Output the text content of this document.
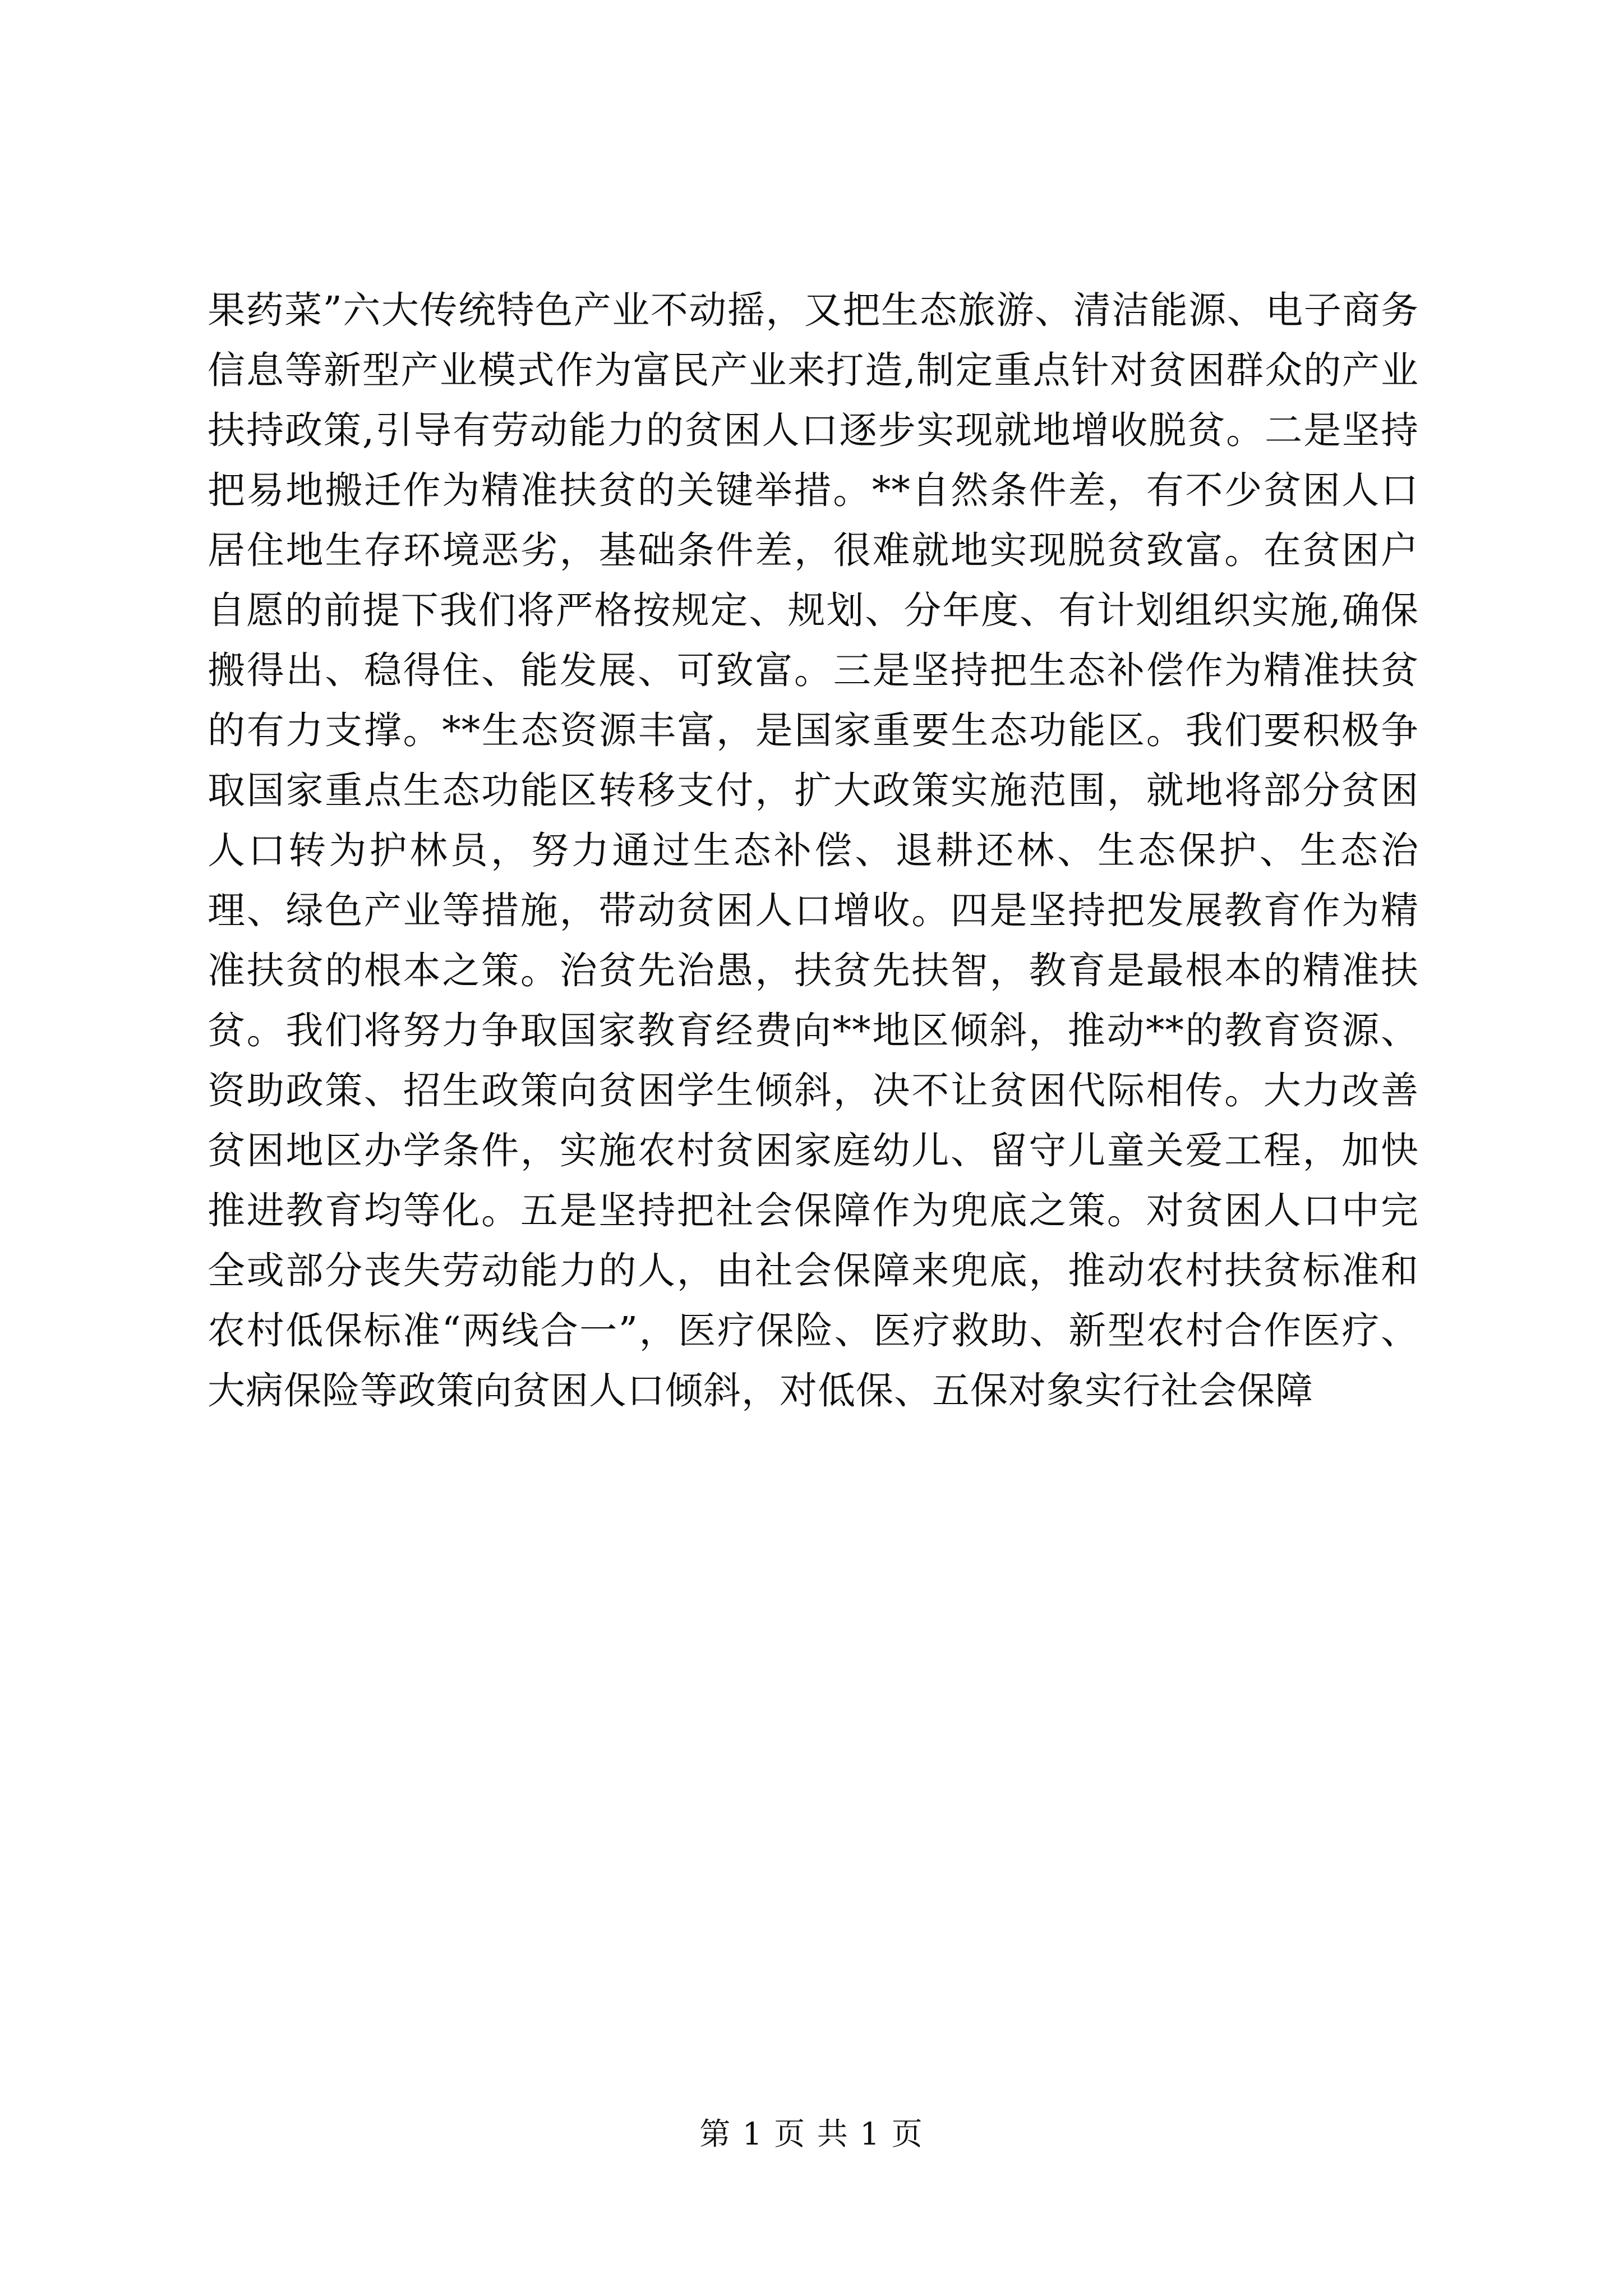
果药菜”六大传统特色产业不动摇，又把生态旅游、清洁能源、电子商务信息等新型产业模式作为富民产业来打造,制定重点针对贫困群众的产业扶持政策,引导有劳动能力的贫困人口逐步实现就地增收脱贫。二是坚持把易地搬迁作为精准扶贫的关键举措。**自然条件差，有不少贫困人口居住地生存环境恶劣，基础条件差，很难就地实现脱贫致富。在贫困户自愿的前提下我们将严格按规定、规划、分年度、有计划组织实施,确保搬得出、稳得住、能发展、可致富。三是坚持把生态补偿作为精准扶贫的有力支撑。**生态资源丰富，是国家重要生态功能区。我们要积极争取国家重点生态功能区转移支付，扩大政策实施范围，就地将部分贫困人口转为护林员，努力通过生态补偿、退耕还林、生态保护、生态治理、绿色产业等措施，带动贫困人口增收。四是坚持把发展教育作为精准扶贫的根本之策。治贫先治愚，扶贫先扶智，教育是最根本的精准扶贫。我们将努力争取国家教育经费向**地区倾斜，推动**的教育资源、资助政策、招生政策向贫困学生倾斜，决不让贫困代际相传。大力改善贫困地区办学条件，实施农村贫困家庭幼儿、留守儿童关爱工程，加快推进教育均等化。五是坚持把社会保障作为兜底之策。对贫困人口中完全或部分丧失劳动能力的人，由社会保障来兜底，推动农村扶贫标准和农村低保标准“两线合一”，医疗保险、医疗救助、新型农村合作医疗、大病保险等政策向贫困人口倾斜，对低保、五保对象实行社会保障

第 1 页 共 1 页
